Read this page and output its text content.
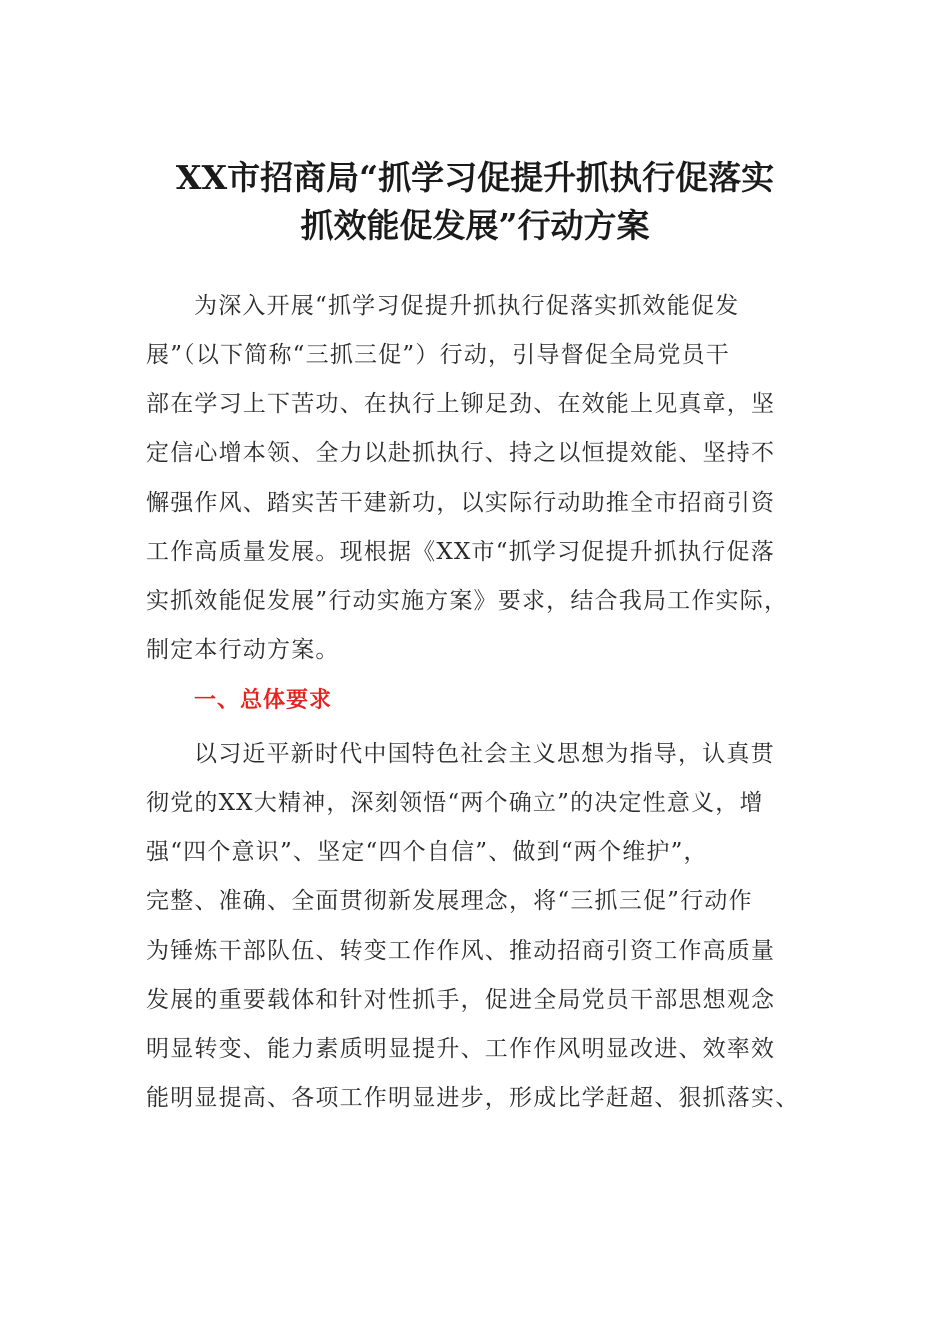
XX市招商局“抓学习促提升抓执行促落实
抓效能促发展”行动方案
为深入开展“抓学习促提升抓执行促落实抓效能促发
展”（以下简称“三抓三促”）行动，引导督促全局党员干
部在学习上下苦功、在执行上铆足劲、在效能上见真章，坚
定信心增本领、全力以赴抓执行、持之以恒提效能、坚持不
懈强作风、踏实苦干建新功，以实际行动助推全市招商引资
工作高质量发展。现根据《XX市“抓学习促提升抓执行促落
实抓效能促发展”行动实施方案》要求，结合我局工作实际，
制定本行动方案。
一、总体要求
以习近平新时代中国特色社会主义思想为指导，认真贯
彻党的XX大精神，深刻领悟“两个确立”的决定性意义，增
强“四个意识”、坚定“四个自信”、做到“两个维护”，
完整、准确、全面贯彻新发展理念，将“三抓三促”行动作
为锤炼干部队伍、转变工作作风、推动招商引资工作高质量
发展的重要载体和针对性抓手，促进全局党员干部思想观念
明显转变、能力素质明显提升、工作作风明显改进、效率效
能明显提高、各项工作明显进步，形成比学赶超、狠抓落实、
